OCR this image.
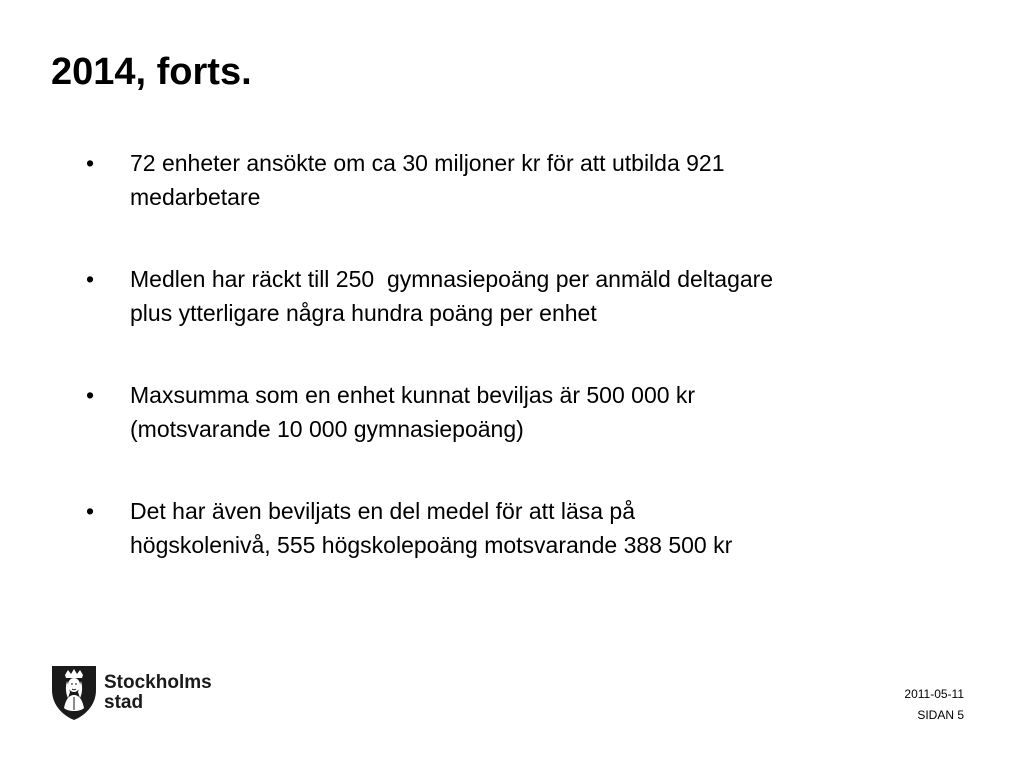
2014, forts.
• 72 enheter ansökte om ca 30 miljoner kr för att utbilda 921
medarbetare
• Medlen har räckt till 250  gymnasiepoäng per anmäld deltagare
plus ytterligare några hundra poäng per enhet
• Maxsumma som en enhet kunnat beviljas är 500 000 kr
(motsvarande 10 000 gymnasiepoäng)
• Det har även beviljats en del medel för att läsa på
högskolenivå, 555 högskolepoäng motsvarande 388 500 kr
Stockholms
stad	2011-05-11
SIDAN 5
